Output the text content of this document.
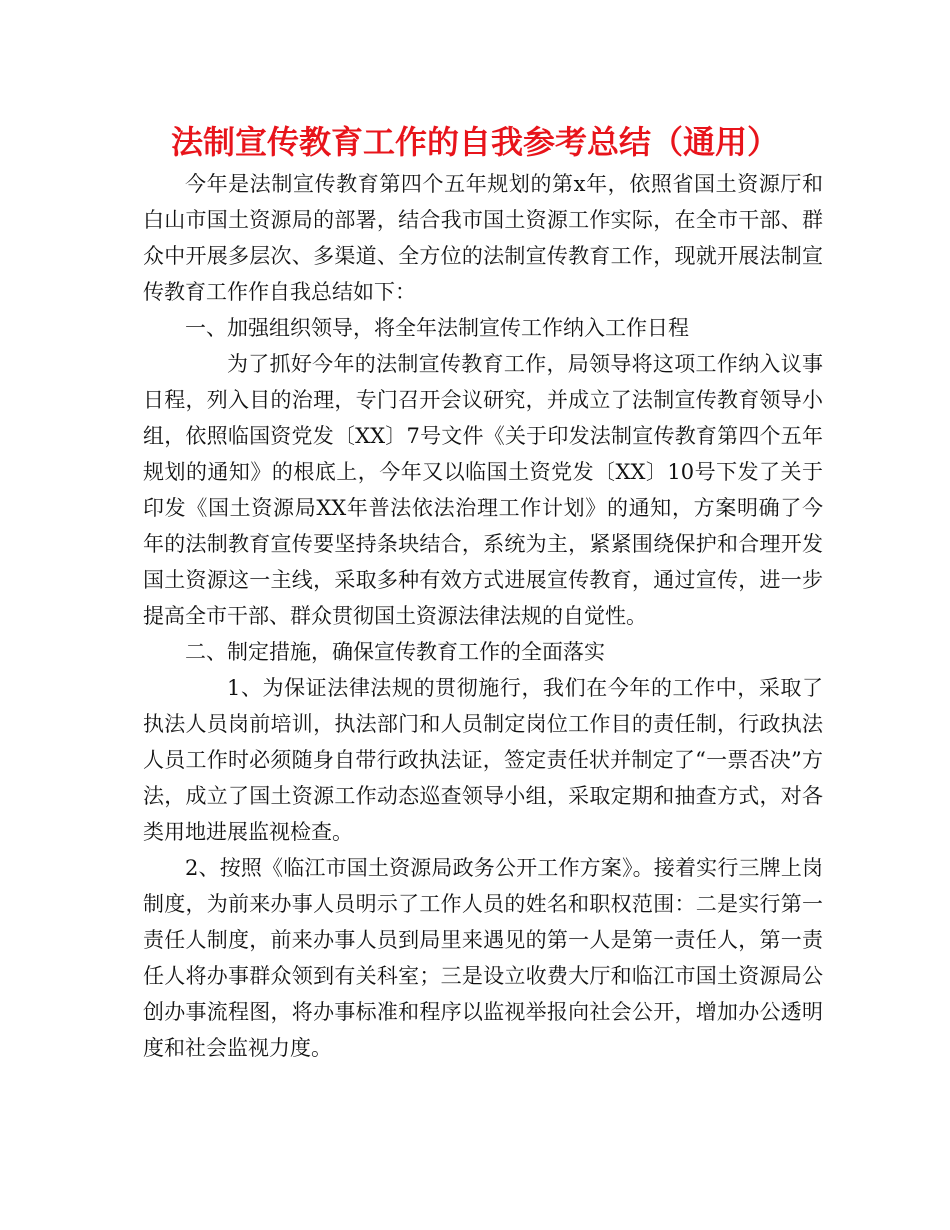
法制宣传教育工作的自我参考总结（通用）

今年是法制宣传教育第四个五年规划的第x年，依照省国土资源厅和白山市国土资源局的部署，结合我市国土资源工作实际，在全市干部、群众中开展多层次、多渠道、全方位的法制宣传教育工作，现就开展法制宣传教育工作作自我总结如下：

一、加强组织领导，将全年法制宣传工作纳入工作日程

为了抓好今年的法制宣传教育工作，局领导将这项工作纳入议事日程，列入目的治理，专门召开会议研究，并成立了法制宣传教育领导小组，依照临国资党发〔XX〕7号文件《关于印发法制宣传教育第四个五年规划的通知》的根底上，今年又以临国土资党发〔XX〕10号下发了关于印发《国土资源局XX年普法依法治理工作计划》的通知，方案明确了今年的法制教育宣传要坚持条块结合，系统为主，紧紧围绕保护和合理开发国土资源这一主线，采取多种有效方式进展宣传教育，通过宣传，进一步提高全市干部、群众贯彻国土资源法律法规的自觉性。

二、制定措施，确保宣传教育工作的全面落实

1、为保证法律法规的贯彻施行，我们在今年的工作中，采取了执法人员岗前培训，执法部门和人员制定岗位工作目的责任制，行政执法人员工作时必须随身自带行政执法证，签定责任状并制定了“一票否决”方法，成立了国土资源工作动态巡查领导小组，采取定期和抽查方式，对各类用地进展监视检查。

2、按照《临江市国土资源局政务公开工作方案》。接着实行三牌上岗制度，为前来办事人员明示了工作人员的姓名和职权范围：二是实行第一责任人制度，前来办事人员到局里来遇见的第一人是第一责任人，第一责任人将办事群众领到有关科室；三是设立收费大厅和临江市国土资源局公创办事流程图，将办事标准和程序以监视举报向社会公开，增加办公透明度和社会监视力度。
